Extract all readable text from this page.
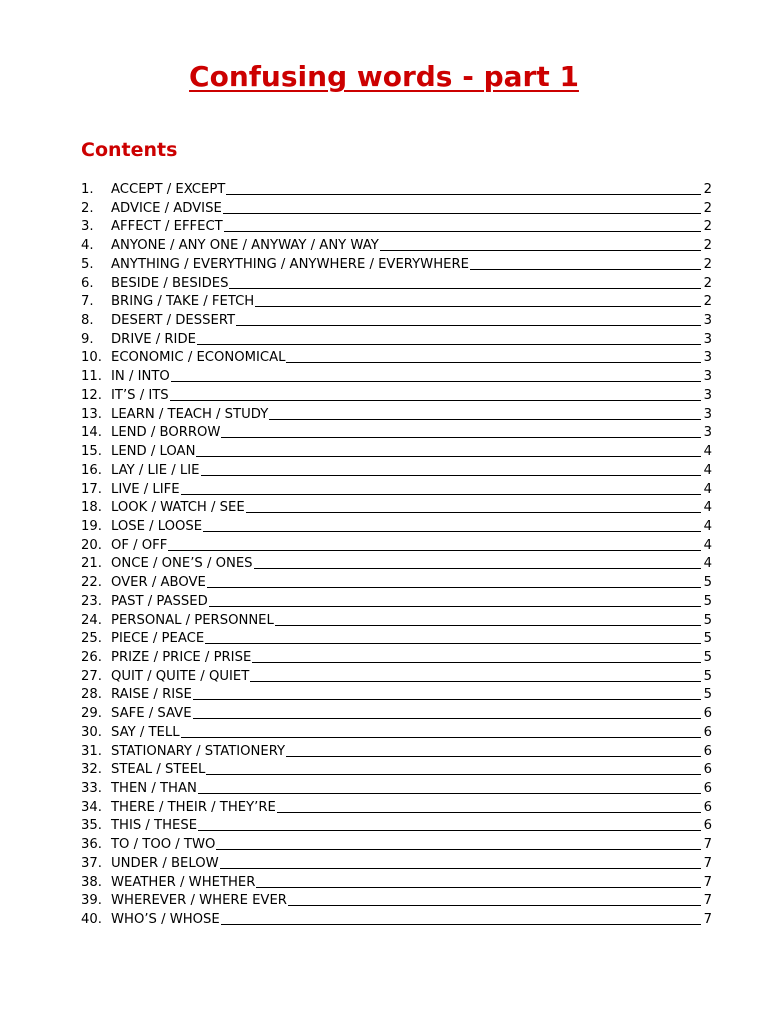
Confusing words - part 1
Contents
1.	ACCEPT / EXCEPT	2
2.	ADVICE / ADVISE	2
3.	AFFECT / EFFECT	2
4.	ANYONE / ANY ONE / ANYWAY / ANY WAY	2
5.	ANYTHING / EVERYTHING / ANYWHERE / EVERYWHERE	2
6.	BESIDE / BESIDES	2
7.	BRING / TAKE / FETCH	2
8.	DESERT / DESSERT	3
9.	DRIVE / RIDE	3
10. ECONOMIC / ECONOMICAL	3
11. IN / INTO	3
12. IT’S / ITS	3
13. LEARN / TEACH / STUDY	3
14. LEND / BORROW	3
15. LEND / LOAN	4
16. LAY / LIE / LIE	4
17. LIVE / LIFE	4
18. LOOK / WATCH / SEE	4
19. LOSE / LOOSE	4
20. OF / OFF	4
21. ONCE / ONE’S / ONES	4
22. OVER / ABOVE	5
23. PAST / PASSED	5
24. PERSONAL / PERSONNEL	5
25. PIECE / PEACE	5
26. PRIZE / PRICE / PRISE	5
27. QUIT / QUITE / QUIET	5
28. RAISE / RISE	5
29. SAFE / SAVE	6
30. SAY / TELL	6
31. STATIONARY / STATIONERY	6
32. STEAL / STEEL	6
33. THEN / THAN	6
34. THERE / THEIR / THEY’RE	6
35. THIS / THESE	6
36. TO / TOO / TWO	7
37. UNDER / BELOW	7
38. WEATHER / WHETHER	7
39. WHEREVER / WHERE EVER	7
40. WHO’S / WHOSE	7
